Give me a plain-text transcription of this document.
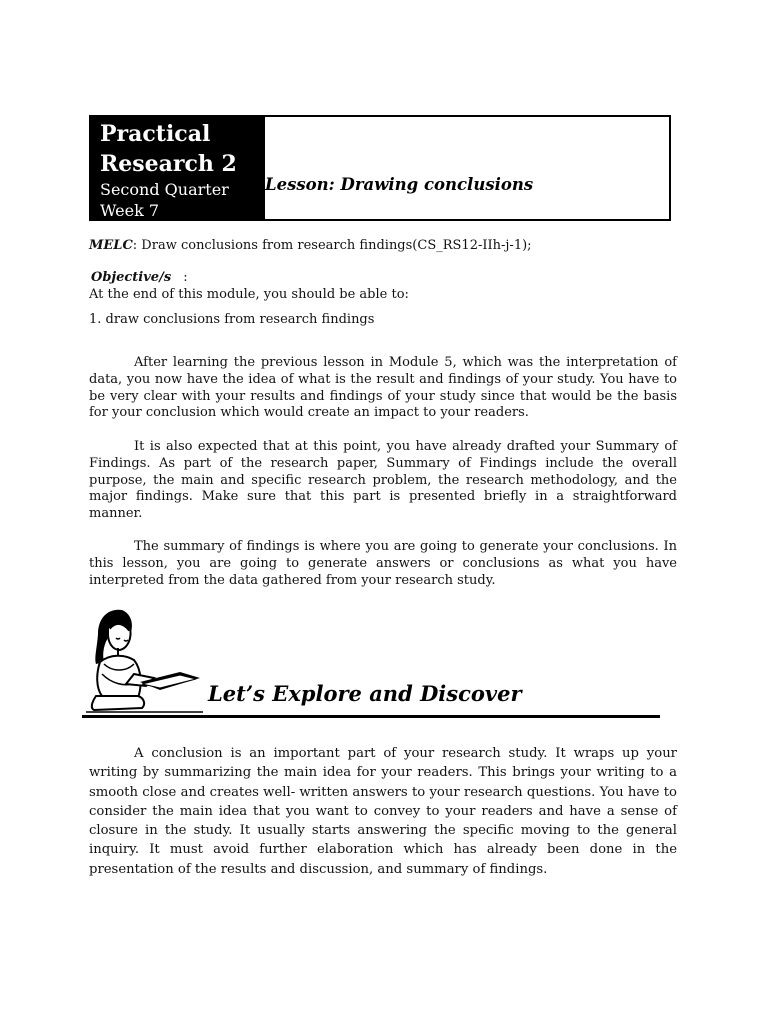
Practical
Research 2
Second Quarter
Week 7
Lesson: Drawing conclusions
MELC: Draw conclusions from research findings(CS_RS12-IIh-j-1);
Objective/s :
At the end of this module, you should be able to:
1. draw conclusions from research findings
After learning the previous lesson in Module 5, which was the interpretation of data, you now have the idea of what is the result and findings of your study. You have to be very clear with your results and findings of your study since that would be the basis for your conclusion which would create an impact to your readers.
It is also expected that at this point, you have already drafted your Summary of Findings. As part of the research paper, Summary of Findings include the overall purpose, the main and specific research problem, the research methodology, and the major findings. Make sure that this part is presented briefly in a straightforward manner.
The summary of findings is where you are going to generate your conclusions. In this lesson, you are going to generate answers or conclusions as what you have interpreted from the data gathered from your research study.
Let’s Explore and Discover
A conclusion is an important part of your research study. It wraps up your writing by summarizing the main idea for your readers. This brings your writing to a smooth close and creates well- written answers to your research questions. You have to consider the main idea that you want to convey to your readers and have a sense of closure in the study. It usually starts answering the specific moving to the general inquiry. It must avoid further elaboration which has already been done in the presentation of the results and discussion, and summary of findings.
